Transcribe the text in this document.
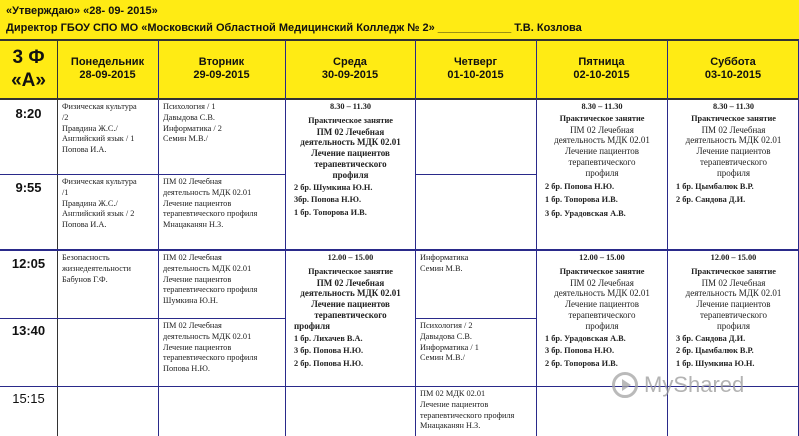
«Утверждаю» «28- 09- 2015»
Директор ГБОУ СПО МО «Московский Областной Медицинский Колледж № 2» ____________ Т.В. Козлова
3 Ф
«А»
Понедельник
28-09-2015
Вторник
29-09-2015
Среда
30-09-2015
Четверг
01-10-2015
Пятница
02-10-2015
Суббота
03-10-2015
8:20
9:55
12:05
13:40
15:15
Физическая культура
/2
Правдина Ж.С./
Английский язык / 1
Попова И.А.
Физическая культура
/1
Правдина Ж.С./
Английский язык / 2
Попова И.А.
Безопасность
жизнедеятельности
Бабунов Г.Ф.
Психология / 1
Давыдова С.В.
Информатика / 2
Семин М.В./
ПМ 02 Лечебная
деятельность МДК 02.01
Лечение пациентов
терапевтического профиля
Мнацаканян Н.З.
ПМ 02 Лечебная
деятельность МДК 02.01
Лечение пациентов
терапевтического профиля
Шумкина Ю.Н.
ПМ 02 Лечебная
деятельность МДК 02.01
Лечение пациентов
терапевтического профиля
Попова Н.Ю.
8.30 – 11.30
Практическое занятие
ПМ 02 Лечебная
деятельность МДК 02.01
Лечение пациентов
терапевтического
профиля
2 бр. Шумкина Ю.Н.
3бр. Попова Н.Ю.
1 бр. Топорова И.В.
12.00 – 15.00
Практическое занятие
ПМ 02 Лечебная
деятельность МДК 02.01
Лечение пациентов
терапевтического
профиля
1 бр. Лихачев В.А.
3 бр. Попова Н.Ю.
2 бр. Попова Н.Ю.
Информатика
Семин М.В.
Психология / 2
Давыдова С.В.
Информатика / 1
Семин М.В./
ПМ 02 МДК 02.01
Лечение пациентов
терапевтического профиля
Мнацаканян Н.З.
8.30 – 11.30
Практическое занятие
ПМ 02 Лечебная
деятельность МДК 02.01
Лечение пациентов
терапевтического
профиля
2 бр. Попова Н.Ю.
1 бр. Топорова И.В.
3 бр. Урадовская А.В.
12.00 – 15.00
Практическое занятие
ПМ 02 Лечебная
деятельность МДК 02.01
Лечение пациентов
терапевтического
профиля
1 бр. Урадовская А.В.
3 бр. Попова Н.Ю.
2 бр. Топорова И.В.
8.30 – 11.30
Практическое занятие
ПМ 02 Лечебная
деятельность МДК 02.01
Лечение пациентов
терапевтического
профиля
1 бр. Цымбалюк В.Р.
2 бр. Сандова Д.И.
12.00 – 15.00
Практическое занятие
ПМ 02 Лечебная
деятельность МДК 02.01
Лечение пациентов
терапевтического
профиля
3 бр. Сандова Д.И.
2 бр. Цымбалюк В.Р.
1 бр. Шумкина Ю.Н.
MyShared
